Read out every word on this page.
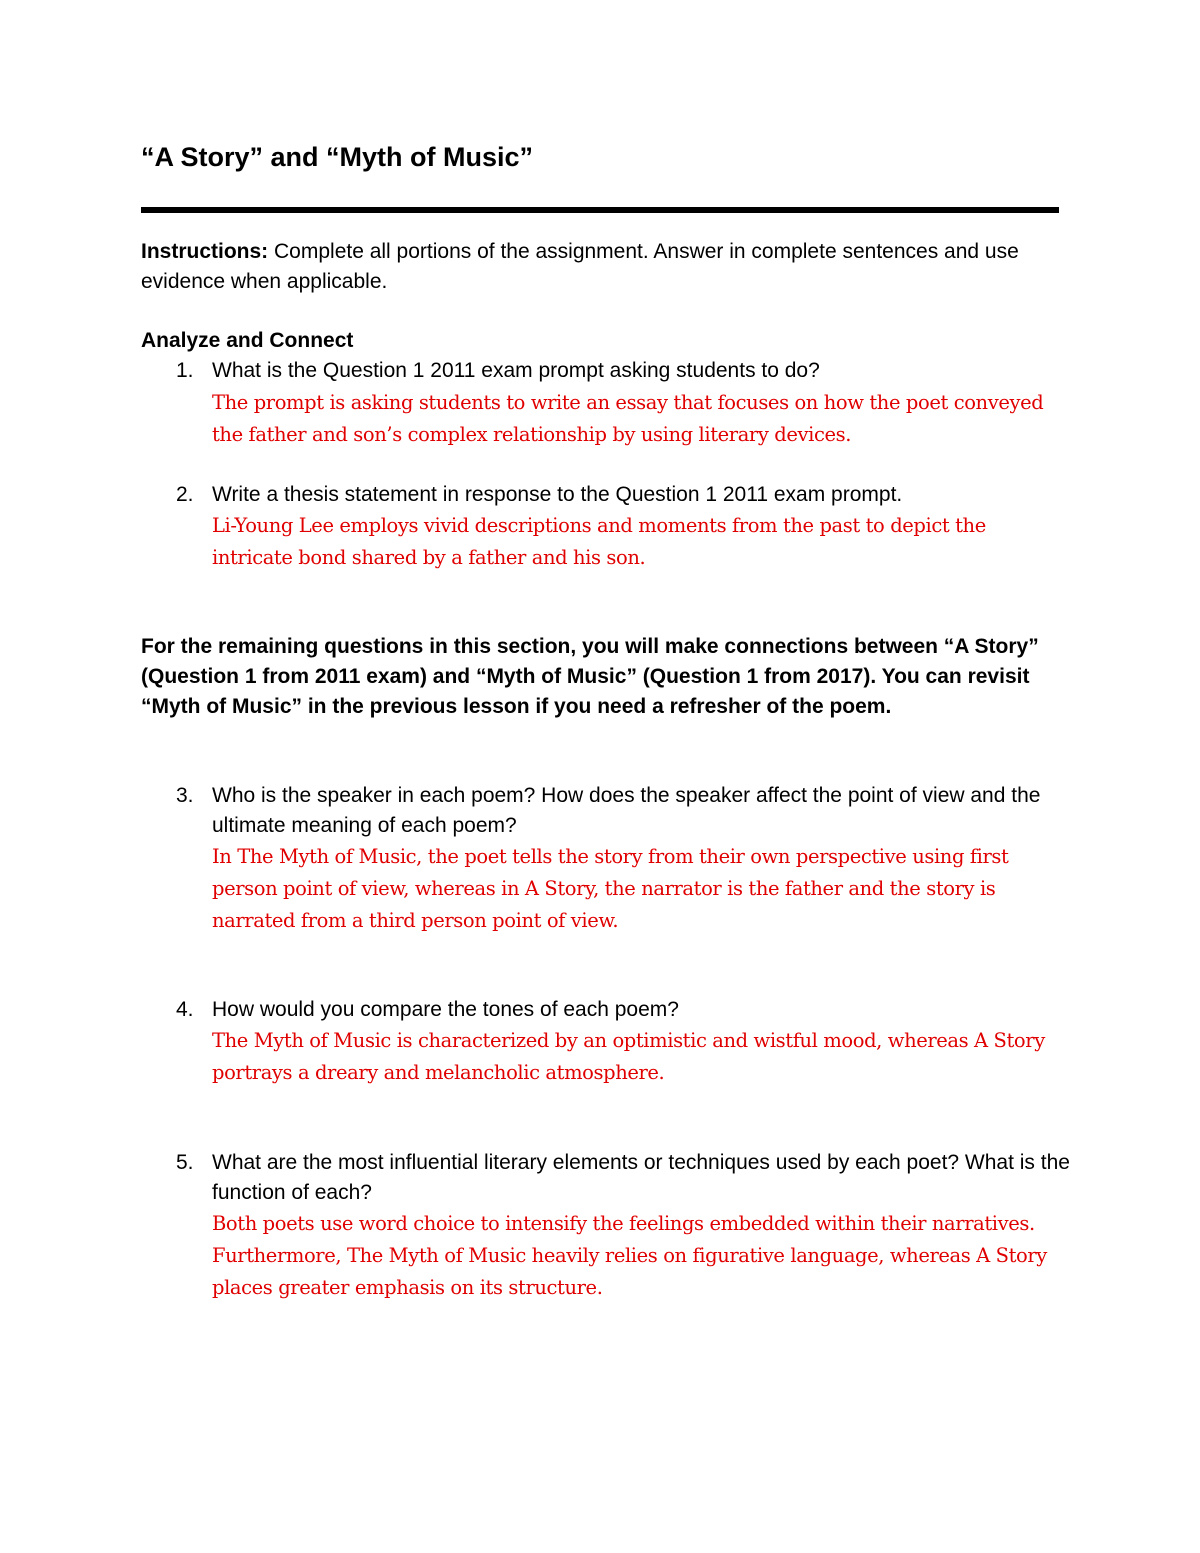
“A Story” and “Myth of Music”
Instructions: Complete all portions of the assignment. Answer in complete sentences and use evidence when applicable.
Analyze and Connect
1. What is the Question 1 2011 exam prompt asking students to do?
The prompt is asking students to write an essay that focuses on how the poet conveyed the father and son’s complex relationship by using literary devices.
2. Write a thesis statement in response to the Question 1 2011 exam prompt.
Li-Young Lee employs vivid descriptions and moments from the past to depict the intricate bond shared by a father and his son.
For the remaining questions in this section, you will make connections between “A Story” (Question 1 from 2011 exam) and “Myth of Music” (Question 1 from 2017). You can revisit “Myth of Music” in the previous lesson if you need a refresher of the poem.
3. Who is the speaker in each poem? How does the speaker affect the point of view and the ultimate meaning of each poem?
In The Myth of Music, the poet tells the story from their own perspective using first person point of view, whereas in A Story, the narrator is the father and the story is narrated from a third person point of view.
4. How would you compare the tones of each poem?
The Myth of Music is characterized by an optimistic and wistful mood, whereas A Story portrays a dreary and melancholic atmosphere.
5. What are the most influential literary elements or techniques used by each poet? What is the function of each?
Both poets use word choice to intensify the feelings embedded within their narratives. Furthermore, The Myth of Music heavily relies on figurative language, whereas A Story places greater emphasis on its structure.
